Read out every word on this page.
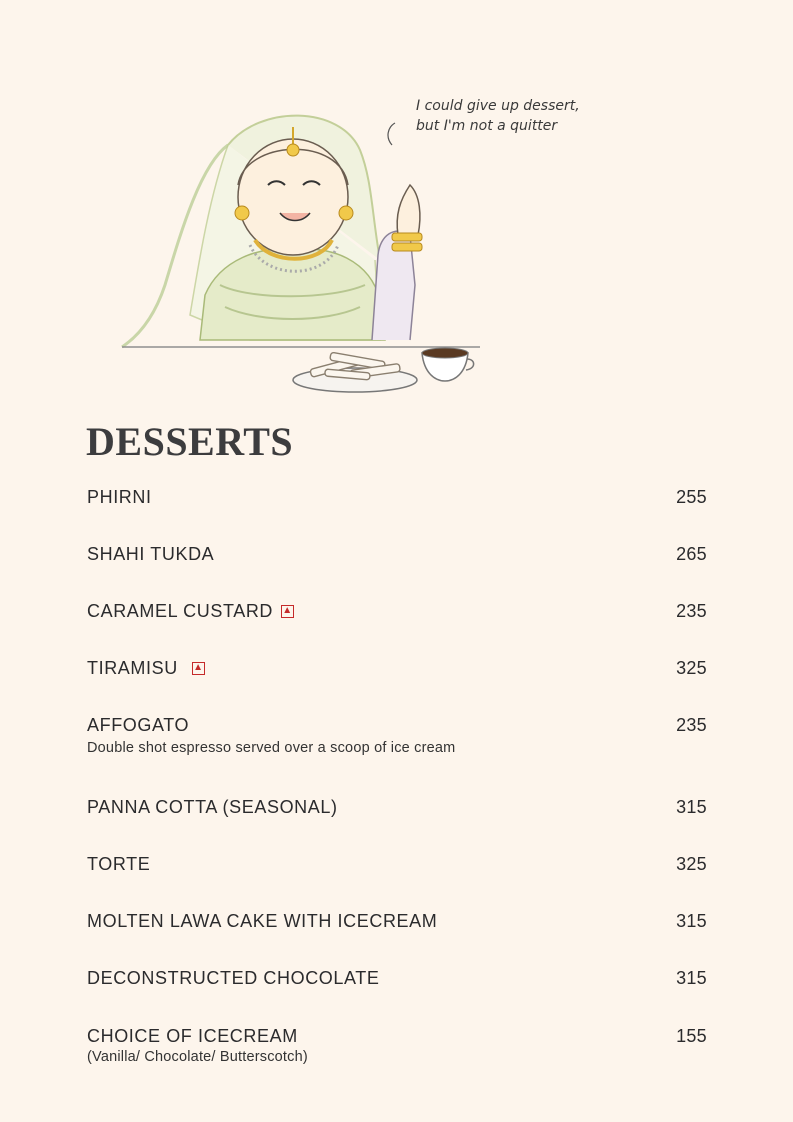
I could give up dessert,
but I'm not a quitter
DESSERTS
PHIRNI	255
SHAHI TUKDA	265
CARAMEL CUSTARD ▲	235
TIRAMISU ▲	325
AFFOGATO	235
Double shot espresso served over a scoop of ice cream
PANNA COTTA (SEASONAL)	315
TORTE	325
MOLTEN LAWA CAKE WITH ICECREAM	315
DECONSTRUCTED CHOCOLATE	315
CHOICE OF ICECREAM	155
(Vanilla/ Chocolate/ Butterscotch)
